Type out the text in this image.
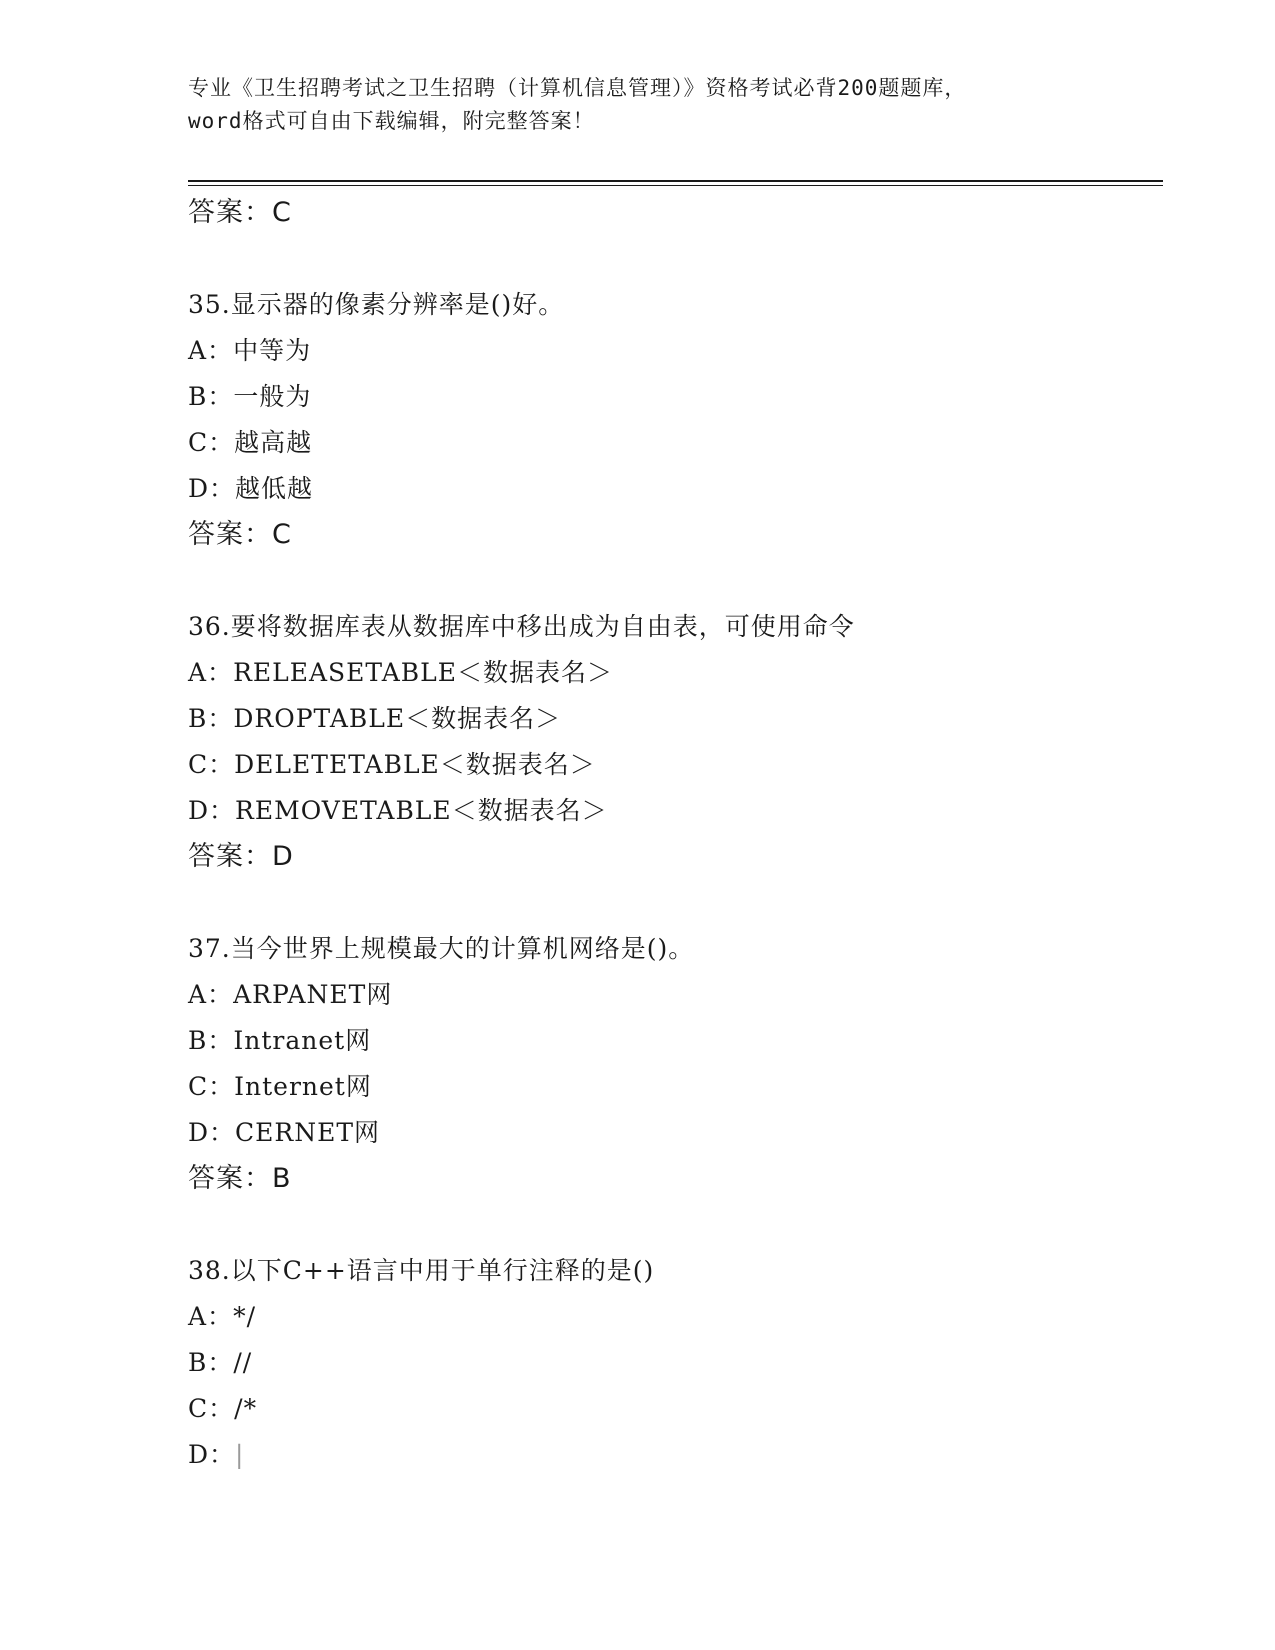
专业《卫生招聘考试之卫生招聘（计算机信息管理）》资格考试必背200题题库，
word格式可自由下载编辑，附完整答案！
答案：C
35.显示器的像素分辨率是()好。
A：中等为
B：一般为
C：越高越
D：越低越
答案：C
36.要将数据库表从数据库中移出成为自由表，可使用命令
A：RELEASETABLE＜数据表名＞
B：DROPTABLE＜数据表名＞
C：DELETETABLE＜数据表名＞
D：REMOVETABLE＜数据表名＞
答案：D
37.当今世界上规模最大的计算机网络是()。
A：ARPANET网
B：Intranet网
C：Internet网
D：CERNET网
答案：B
38.以下C++语言中用于单行注释的是()
A：*/
B：//
C：/*
D：|
